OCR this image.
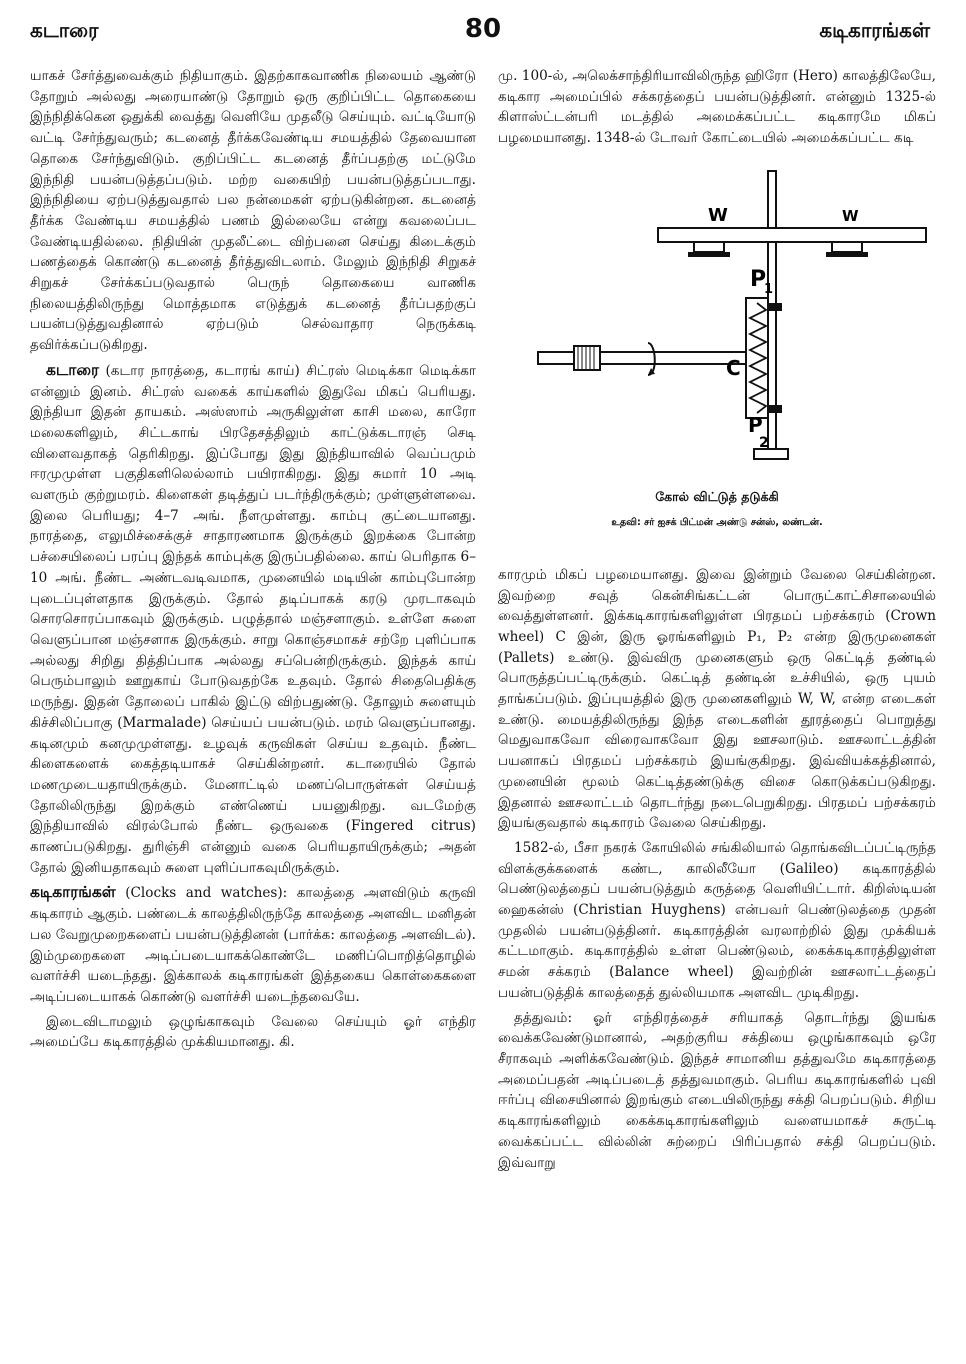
கடாரை	80	கடிகாரங்கள்

யாகச் சேர்த்துவைக்கும் நிதியாகும். இதற்காகவாணிக நிலையம் ஆண்டு தோறும் அல்லது அரையாண்டு தோறும் ஒரு குறிப்பிட்ட தொகையை இந்நிதிக்கென ஒதுக்கி வைத்து வெளியே முதலீடு செய்யும். வட்டியோடு வட்டி சேர்ந்துவரும்; கடனைத் தீர்க்கவேண்டிய சமயத்தில் தேவையான தொகை சேர்ந்துவிடும். குறிப்பிட்ட கடனைத் தீர்ப்பதற்கு மட்டுமே இந்நிதி பயன்படுத்தப்படும். மற்ற வகையிற் பயன்படுத்தப்படாது. இந்நிதியை ஏற்படுத்துவதால் பல நன்மைகள் ஏற்படுகின்றன. கடனைத் தீர்க்க வேண்டிய சமயத்தில் பணம் இல்லையே என்று கவலைப்பட வேண்டியதில்லை. நிதியின் முதலீட்டை விற்பனை செய்து கிடைக்கும் பணத்தைக் கொண்டு கடனைத் தீர்த்துவிடலாம். மேலும் இந்நிதி சிறுகச் சிறுகச் சேர்க்கப்படுவதால் பெருந் தொகையை வாணிக நிலையத்திலிருந்து மொத்தமாக எடுத்துக் கடனைத் தீர்ப்பதற்குப் பயன்படுத்துவதினால் ஏற்படும் செல்வாதார நெருக்கடி தவிர்க்கப்படுகிறது.

கடாரை (கடார நாரத்தை, கடாரங் காய்) சிட்ரஸ் மெடிக்கா மெடிக்கா என்னும் இனம். சிட்ரஸ் வகைக் காய்களில் இதுவே மிகப் பெரியது. இந்தியா இதன் தாயகம். அஸ்ஸாம் அருகிலுள்ள காசி மலை, காரோ மலைகளிலும், சிட்டகாங் பிரதேசத்திலும் காட்டுக்கடாரஞ் செடி விளைவதாகத் தெரிகிறது. இப்போது இது இந்தியாவில் வெப்பமும் ஈரமுமுள்ள பகுதிகளிலெல்லாம் பயிராகிறது. இது சுமார் 10 அடி வளரும் குற்றுமரம். கிளைகள் தடித்துப் படர்ந்திருக்கும்; முள்ளுள்ளவை. இலை பெரியது; 4–7 அங். நீளமுள்ளது. காம்பு குட்டையானது. நாரத்தை, எலுமிச்சைக்குச் சாதாரணமாக இருக்கும் இறக்கை போன்ற பச்சையிலைப் பரப்பு இந்தக் காம்புக்கு இருப்பதில்லை. காய் பெரிதாக 6–10 அங். நீண்ட அண்டவடிவமாக, முனையில் மடியின் காம்புபோன்ற புடைப்புள்ளதாக இருக்கும். தோல் தடிப்பாகக் கரடு முரடாகவும் சொரசொரப்பாகவும் இருக்கும். பழுத்தால் மஞ்சளாகும். உள்ளே சுளை வெளுப்பான மஞ்சளாக இருக்கும். சாறு கொஞ்சமாகச் சற்றே புளிப்பாக அல்லது சிறிது தித்திப்பாக அல்லது சப்பென்றிருக்கும். இந்தக் காய் பெரும்பாலும் ஊறுகாய் போடுவதற்கே உதவும். தோல் சிதைபெதிக்கு மருந்து. இதன் தோலைப் பாகில் இட்டு விற்பதுண்டு. தோலும் சுளையும் கிச்சிலிப்பாகு (Marmalade) செய்யப் பயன்படும். மரம் வெளுப்பானது. கடினமும் கனமுமுள்ளது. உழவுக் கருவிகள் செய்ய உதவும். நீண்ட கிளைகளைக் கைத்தடியாகச் செய்கின்றனர். கடாரையில் தோல் மணமுடையதாயிருக்கும். மேனாட்டில் மணப்பொருள்கள் செய்யத் தோலிலிருந்து இறக்கும் எண்ணெய் பயனுகிறது. வடமேற்கு இந்தியாவில் விரல்போல் நீண்ட ஒருவகை (Fingered citrus) காணப்படுகிறது. துரிஞ்சி என்னும் வகை பெரியதாயிருக்கும்; அதன் தோல் இனியதாகவும் சுளை புளிப்பாகவுமிருக்கும்.

கடிகாரங்கள் (Clocks and watches): காலத்தை அளவிடும் கருவி கடிகாரம் ஆகும். பண்டைக் காலத்திலிருந்தே காலத்தை அளவிட மனிதன் பல வேறுமுறைகளைப் பயன்படுத்தினன் (பார்க்க: காலத்தை அளவிடல்). இம்முறைகளை அடிப்படையாகக்கொண்டே மணிப்பொறித்தொழில் வளர்ச்சி யடைந்தது. இக்காலக் கடிகாரங்கள் இத்தகைய கொள்கைகளை அடிப்படையாகக் கொண்டு வளர்ச்சி யடைந்தவையே.

இடைவிடாமலும் ஒழுங்காகவும் வேலை செய்யும் ஓர் எந்திர அமைப்பே கடிகாரத்தில் முக்கியமானது. கி.

மு. 100-ல், அலெக்சாந்திரியாவிலிருந்த ஹிரோ (Hero) காலத்திலேயே, கடிகார அமைப்பில் சக்கரத்தைப் பயன்படுத்தினர். என்னும் 1325-ல் கிளாஸ்ட்டன்பரி மடத்தில் அமைக்கப்பட்ட கடிகாரமே மிகப் பழமையானது. 1348-ல் டோவர் கோட்டையில் அமைக்கப்பட்ட கடி

W	W
P
1
C
P
2
கோல் விட்டுத் தடுக்கி
உதவி: சர் ஐசக் பிட்மன் அண்டு சன்ஸ், லண்டன்.

காரமும் மிகப் பழமையானது. இவை இன்றும் வேலை செய்கின்றன. இவற்றை சவுத் கென்சிங்கட்டன் பொருட்காட்சிசாலையில் வைத்துள்ளனர். இக்கடிகாரங்களிலுள்ள பிரதமப் பற்சக்கரம் (Crown wheel) C இன், இரு ஓரங்களிலும் P₁, P₂ என்ற இருமுனைகள் (Pallets) உண்டு. இவ்விரு முனைகளும் ஒரு கெட்டித் தண்டில் பொருத்தப்பட்டிருக்கும். கெட்டித் தண்டின் உச்சியில், ஒரு புயம் தாங்கப்படும். இப்புயத்தில் இரு முனைகளிலும் W, W, என்ற எடைகள் உண்டு. மையத்திலிருந்து இந்த எடைகளின் தூரத்தைப் பொறுத்து மெதுவாகவோ விரைவாகவோ இது ஊசலாடும். ஊசலாட்டத்தின் பயனாகப் பிரதமப் பற்சக்கரம் இயங்குகிறது. இவ்வியக்கத்தினால், முனையின் மூலம் கெட்டித்தண்டுக்கு விசை கொடுக்கப்படுகிறது. இதனால் ஊசலாட்டம் தொடர்ந்து நடைபெறுகிறது. பிரதமப் பற்சக்கரம் இயங்குவதால் கடிகாரம் வேலை செய்கிறது.

1582-ல், பீசா நகரக் கோயிலில் சங்கிலியால் தொங்கவிடப்பட்டிருந்த விளக்குக்களைக் கண்ட, காலிலீயோ (Galileo) கடிகாரத்தில் பெண்டுலத்தைப் பயன்படுத்தும் கருத்தை வெளியிட்டார். கிறிஸ்டியன் ஹைகன்ஸ் (Christian Huyghens) என்பவர் பெண்டுலத்தை முதன் முதலில் பயன்படுத்தினர். கடிகாரத்தின் வரலாற்றில் இது முக்கியக் கட்டமாகும். கடிகாரத்தில் உள்ள பெண்டுலம், கைக்கடிகாரத்திலுள்ள சமன் சக்கரம் (Balance wheel) இவற்றின் ஊசலாட்டத்தைப் பயன்படுத்திக் காலத்தைத் துல்லியமாக அளவிட முடிகிறது.

தத்துவம்: ஓர் எந்திரத்தைச் சரியாகத் தொடர்ந்து இயங்க வைக்கவேண்டுமானால், அதற்குரிய சக்தியை ஒழுங்காகவும் ஒரே சீராகவும் அளிக்கவேண்டும். இந்தச் சாமானிய தத்துவமே கடிகாரத்தை அமைப்பதன் அடிப்படைத் தத்துவமாகும். பெரிய கடிகாரங்களில் புவி ஈர்ப்பு விசையினால் இறங்கும் எடையிலிருந்து சக்தி பெறப்படும். சிறிய கடிகாரங்களிலும் கைக்கடிகாரங்களிலும் வளையமாகச் சுருட்டி வைக்கப்பட்ட வில்லின் சுற்றைப் பிரிப்பதால் சக்தி பெறப்படும். இவ்வாறு
